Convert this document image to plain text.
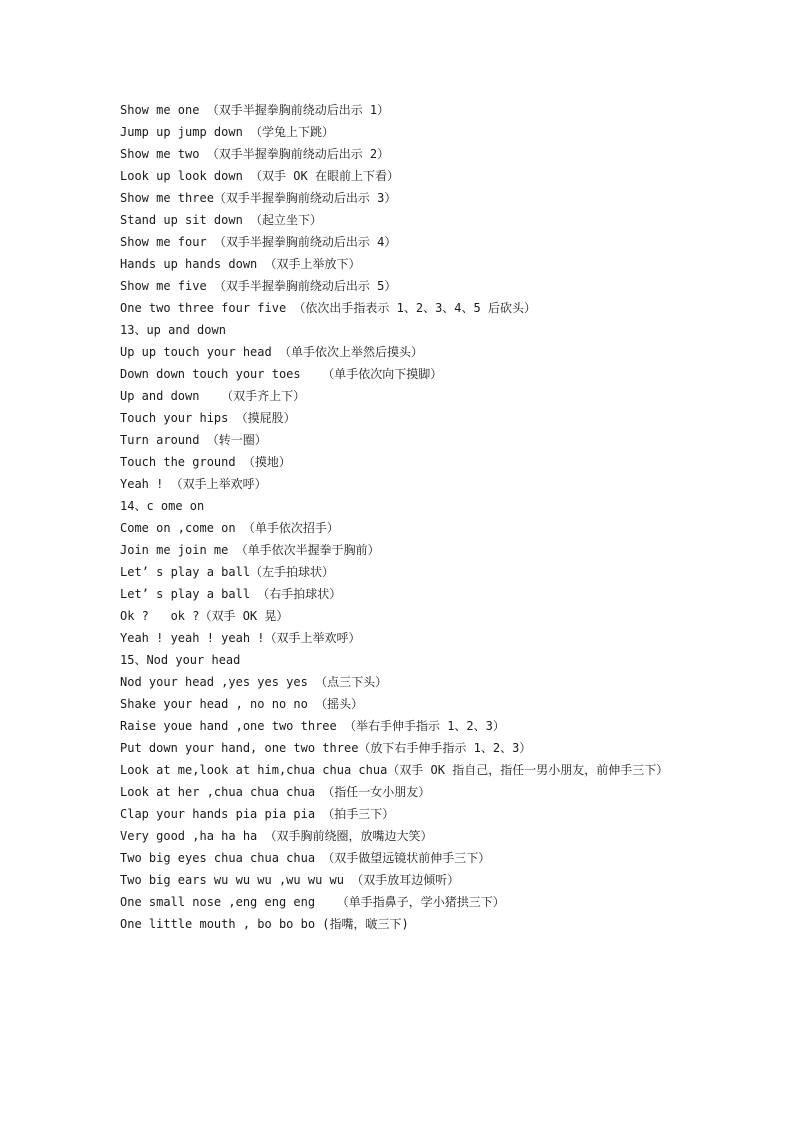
Show me one （双手半握拳胸前绕动后出示 1）
Jump up jump down （学兔上下跳）
Show me two （双手半握拳胸前绕动后出示 2）
Look up look down （双手 OK 在眼前上下看）
Show me three（双手半握拳胸前绕动后出示 3）
Stand up sit down （起立坐下）
Show me four （双手半握拳胸前绕动后出示 4）
Hands up hands down （双手上举放下）
Show me five （双手半握拳胸前绕动后出示 5）
One two three four five （依次出手指表示 1、2、3、4、5 后砍头）
13、up and down
Up up touch your head （单手依次上举然后摸头）
Down down touch your toes   （单手依次向下摸脚）
Up and down   （双手齐上下）
Touch your hips （摸屁股）
Turn around （转一圈）
Touch the ground （摸地）
Yeah ! （双手上举欢呼）
14、c ome on
Come on ,come on （单手依次招手）
Join me join me （单手依次半握拳于胸前）
Let’ s play a ball（左手拍球状）
Let’ s play a ball （右手拍球状）
Ok ?   ok ?（双手 OK 晃）
Yeah ! yeah ! yeah !（双手上举欢呼）
15、Nod your head
Nod your head ,yes yes yes （点三下头）
Shake your head , no no no （摇头）
Raise youe hand ,one two three （举右手伸手指示 1、2、3）
Put down your hand, one two three（放下右手伸手指示 1、2、3）
Look at me,look at him,chua chua chua（双手 OK 指自己，指任一男小朋友，前伸手三下）
Look at her ,chua chua chua （指任一女小朋友）
Clap your hands pia pia pia （拍手三下）
Very good ,ha ha ha （双手胸前绕圈，放嘴边大笑）
Two big eyes chua chua chua （双手做望远镜状前伸手三下）
Two big ears wu wu wu ,wu wu wu （双手放耳边倾听）
One small nose ,eng eng eng   （单手指鼻子，学小猪拱三下）
One little mouth , bo bo bo (指嘴，啵三下)
